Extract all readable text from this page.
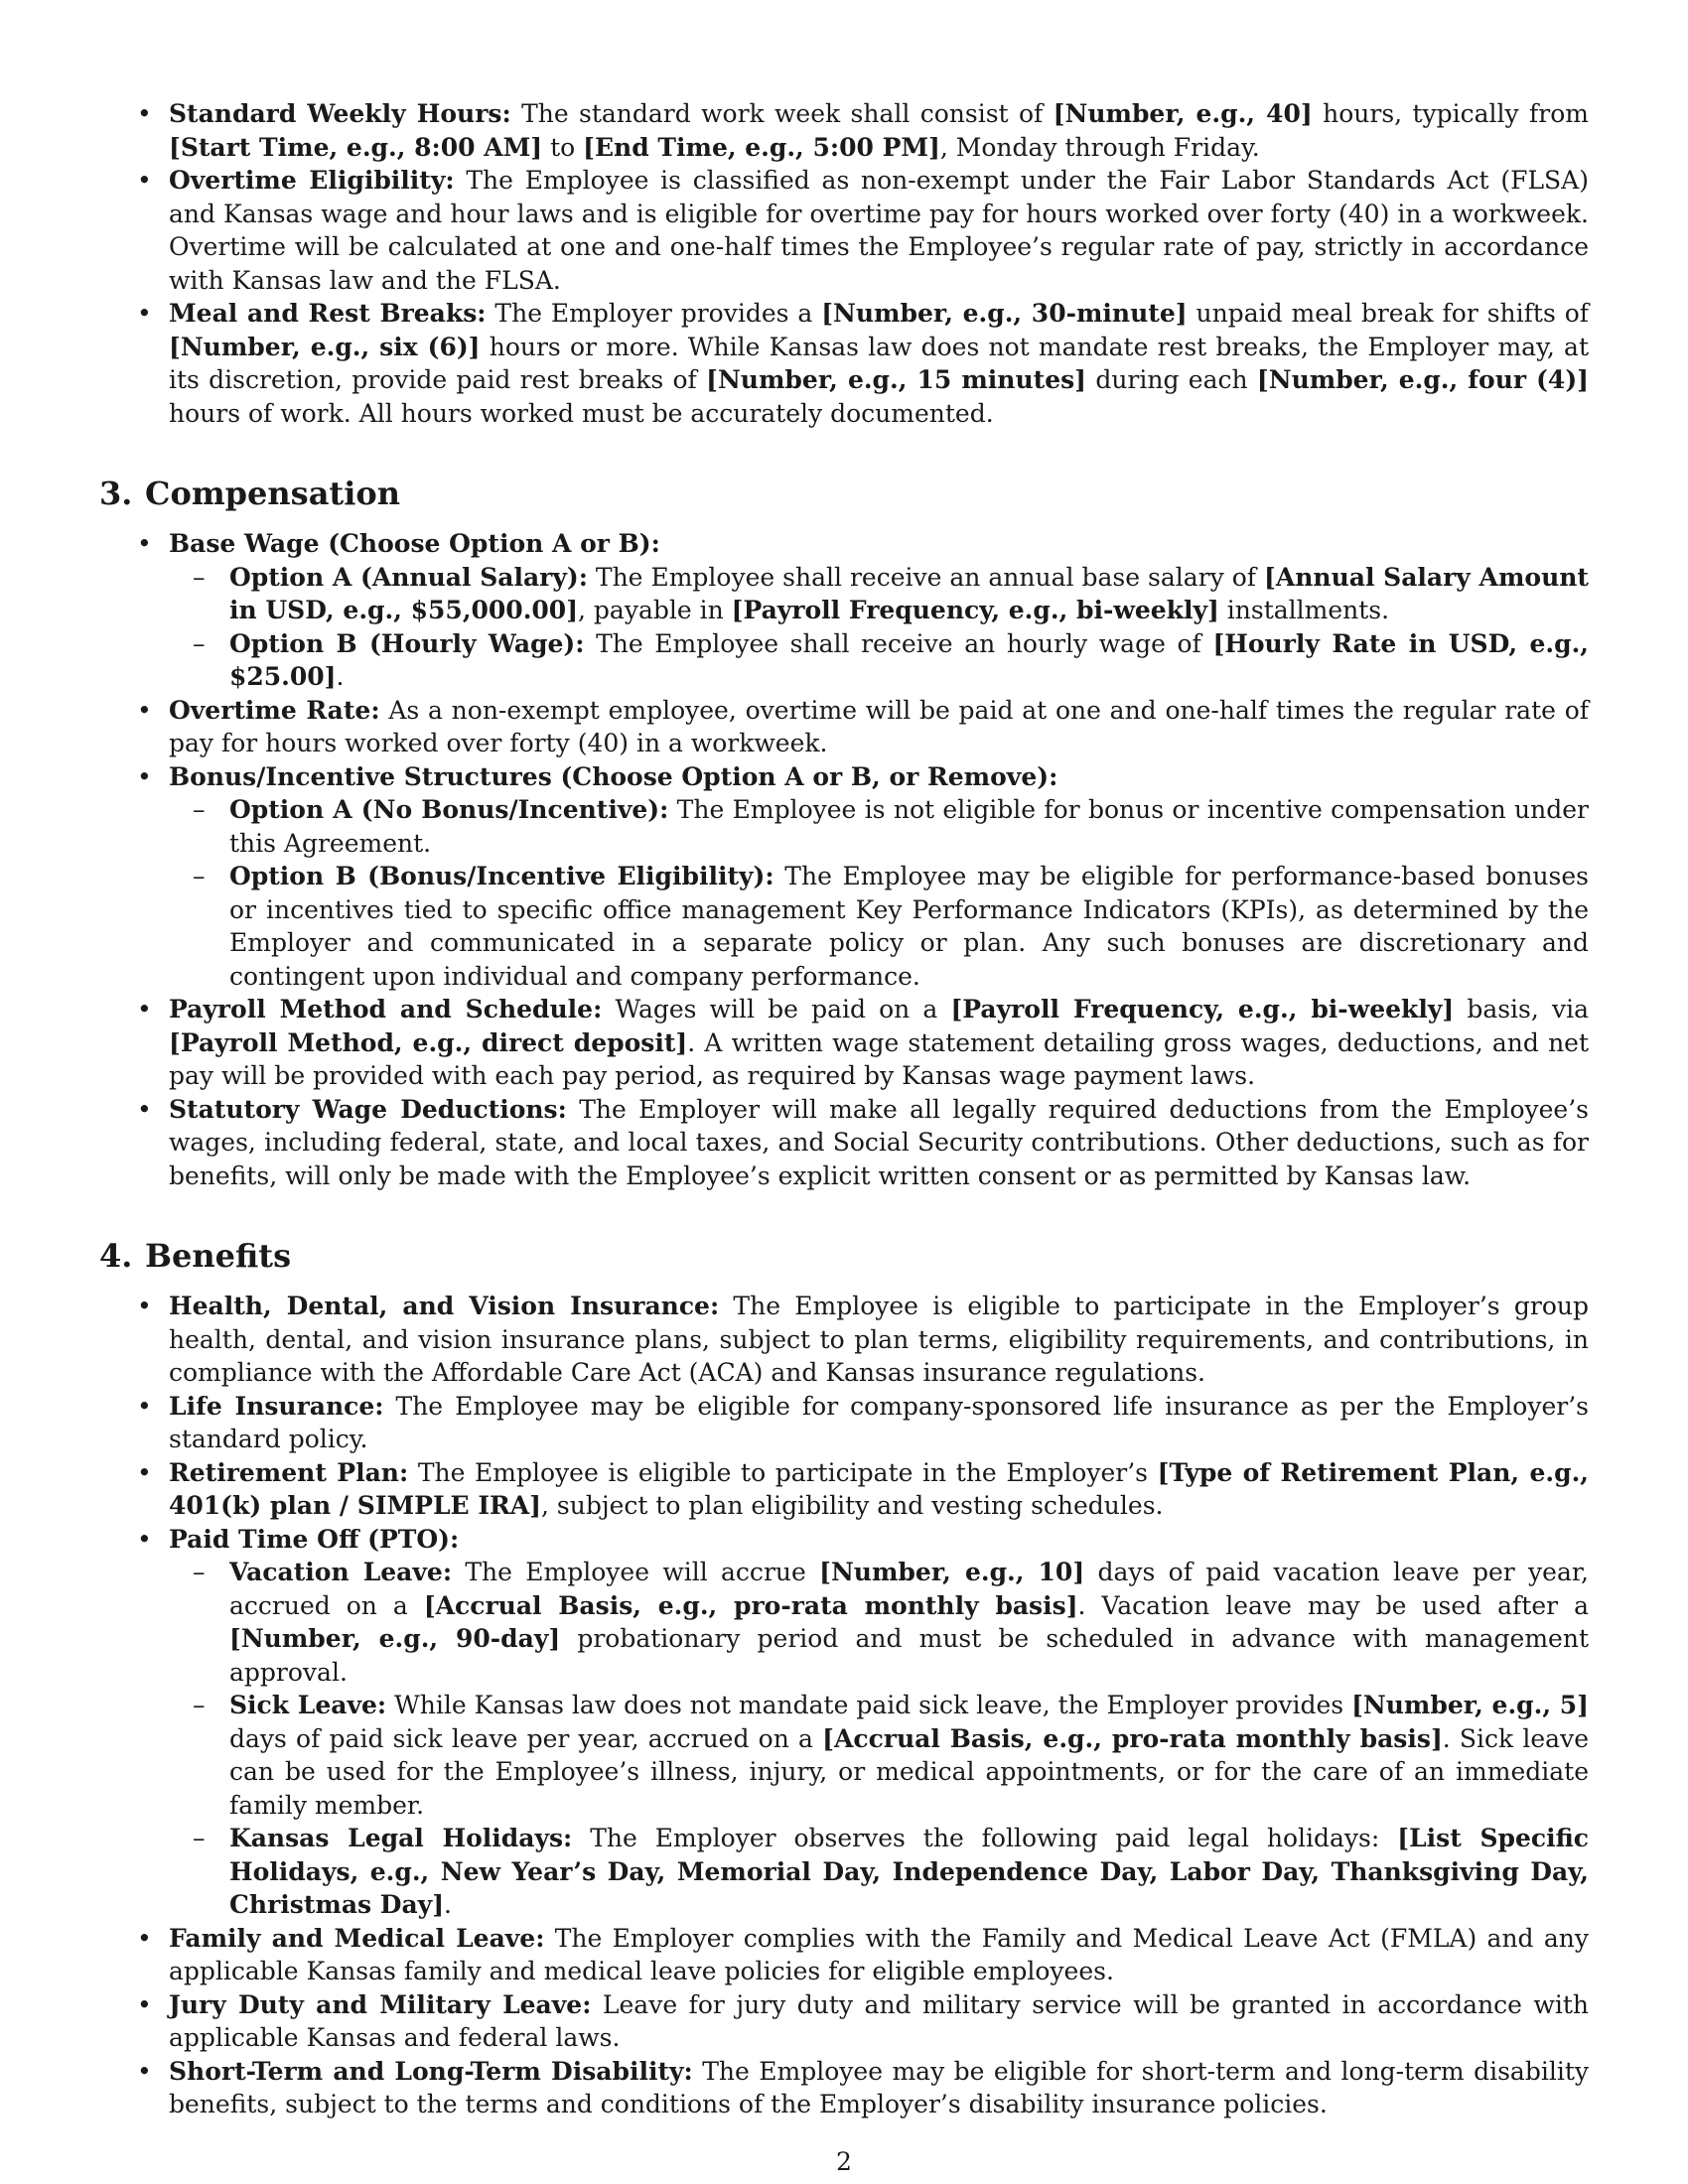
• Standard Weekly Hours: The standard work week shall consist of [Number, e.g., 40] hours, typically from [Start Time, e.g., 8:00 AM] to [End Time, e.g., 5:00 PM], Monday through Friday.
• Overtime Eligibility: The Employee is classified as non-exempt under the Fair Labor Standards Act (FLSA) and Kansas wage and hour laws and is eligible for overtime pay for hours worked over forty (40) in a workweek. Overtime will be calculated at one and one-half times the Employee’s regular rate of pay, strictly in accordance with Kansas law and the FLSA.
• Meal and Rest Breaks: The Employer provides a [Number, e.g., 30-minute] unpaid meal break for shifts of [Number, e.g., six (6)] hours or more. While Kansas law does not mandate rest breaks, the Employer may, at its discretion, provide paid rest breaks of [Number, e.g., 15 minutes] during each [Number, e.g., four (4)] hours of work. All hours worked must be accurately documented.
3. Compensation
• Base Wage (Choose Option A or B):
– Option A (Annual Salary): The Employee shall receive an annual base salary of [Annual Salary Amount in USD, e.g., $55,000.00], payable in [Payroll Frequency, e.g., bi-weekly] installments.
– Option B (Hourly Wage): The Employee shall receive an hourly wage of [Hourly Rate in USD, e.g., $25.00].
• Overtime Rate: As a non-exempt employee, overtime will be paid at one and one-half times the regular rate of pay for hours worked over forty (40) in a workweek.
• Bonus/Incentive Structures (Choose Option A or B, or Remove):
– Option A (No Bonus/Incentive): The Employee is not eligible for bonus or incentive compensation under this Agreement.
– Option B (Bonus/Incentive Eligibility): The Employee may be eligible for performance-based bonuses or incentives tied to specific office management Key Performance Indicators (KPIs), as determined by the Employer and communicated in a separate policy or plan. Any such bonuses are discretionary and contingent upon individual and company performance.
• Payroll Method and Schedule: Wages will be paid on a [Payroll Frequency, e.g., bi-weekly] basis, via [Payroll Method, e.g., direct deposit]. A written wage statement detailing gross wages, deductions, and net pay will be provided with each pay period, as required by Kansas wage payment laws.
• Statutory Wage Deductions: The Employer will make all legally required deductions from the Employee’s wages, including federal, state, and local taxes, and Social Security contributions. Other deductions, such as for benefits, will only be made with the Employee’s explicit written consent or as permitted by Kansas law.
4. Benefits
• Health, Dental, and Vision Insurance: The Employee is eligible to participate in the Employer’s group health, dental, and vision insurance plans, subject to plan terms, eligibility requirements, and contributions, in compliance with the Affordable Care Act (ACA) and Kansas insurance regulations.
• Life Insurance: The Employee may be eligible for company-sponsored life insurance as per the Employer’s standard policy.
• Retirement Plan: The Employee is eligible to participate in the Employer’s [Type of Retirement Plan, e.g., 401(k) plan / SIMPLE IRA], subject to plan eligibility and vesting schedules.
• Paid Time Off (PTO):
– Vacation Leave: The Employee will accrue [Number, e.g., 10] days of paid vacation leave per year, accrued on a [Accrual Basis, e.g., pro-rata monthly basis]. Vacation leave may be used after a [Number, e.g., 90-day] probationary period and must be scheduled in advance with management approval.
– Sick Leave: While Kansas law does not mandate paid sick leave, the Employer provides [Number, e.g., 5] days of paid sick leave per year, accrued on a [Accrual Basis, e.g., pro-rata monthly basis]. Sick leave can be used for the Employee’s illness, injury, or medical appointments, or for the care of an immediate family member.
– Kansas Legal Holidays: The Employer observes the following paid legal holidays: [List Specific Holidays, e.g., New Year’s Day, Memorial Day, Independence Day, Labor Day, Thanksgiving Day, Christmas Day].
• Family and Medical Leave: The Employer complies with the Family and Medical Leave Act (FMLA) and any applicable Kansas family and medical leave policies for eligible employees.
• Jury Duty and Military Leave: Leave for jury duty and military service will be granted in accordance with applicable Kansas and federal laws.
• Short-Term and Long-Term Disability: The Employee may be eligible for short-term and long-term disability benefits, subject to the terms and conditions of the Employer’s disability insurance policies.
2
